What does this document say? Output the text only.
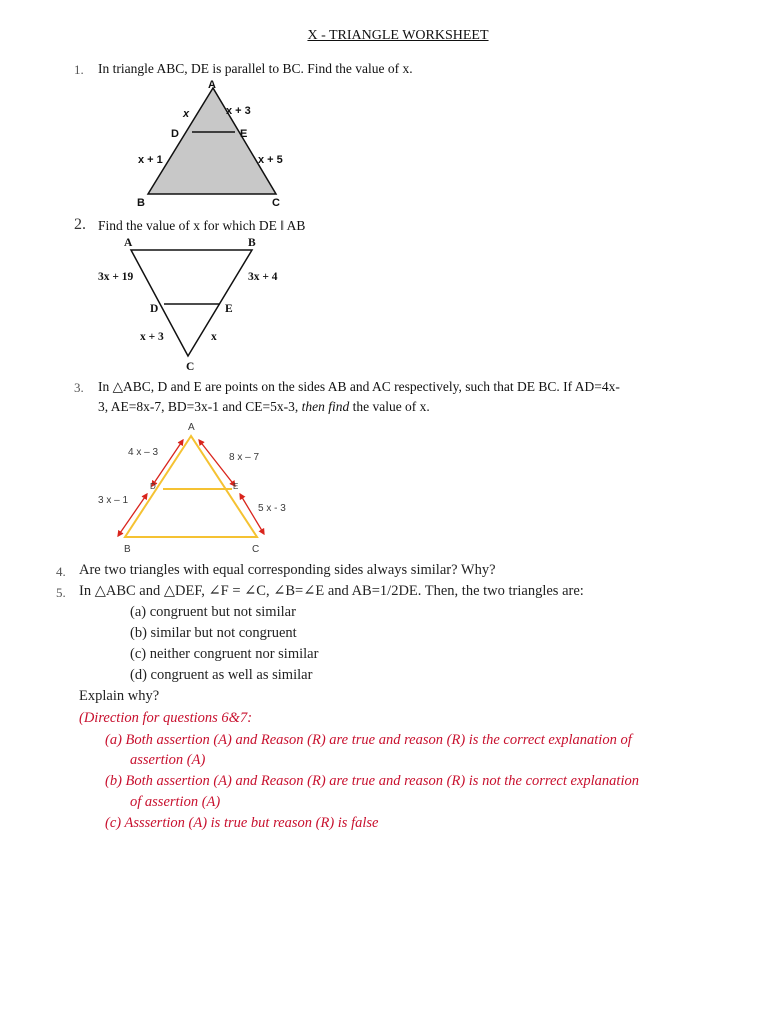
X - TRIANGLE WORKSHEET
1. In triangle ABC, DE is parallel to BC. Find the value of x.
A
B	C
D	E
x	x + 3
x + 1	x + 5
2. Find the value of x for which DE ǁ AB
A	B
C
D	E
3x + 19	3x + 4
x + 3	x
3. In △ABC, D and E are points on the sides AB and AC respectively, such that DE BC. If AD=4x-
3, AE=8x-7, BD=3x-1 and CE=5x-3, then find the value of x.
A
B	C
D	E
4 x – 3	8 x – 7
3 x – 1
5 x - 3
4. Are two triangles with equal corresponding sides always similar? Why?
5. In △ABC and △DEF, ∠F = ∠C, ∠B=∠E and AB=1/2DE. Then, the two triangles are:
(a) congruent but not similar
(b) similar but not congruent
(c) neither congruent nor similar
(d) congruent as well as similar
Explain why?
(Direction for questions 6&7:
(a) Both assertion (A) and Reason (R) are true and reason (R) is the correct explanation of
assertion (A)
(b) Both assertion (A) and Reason (R) are true and reason (R) is not the correct explanation
of assertion (A)
(c) Asssertion (A) is true but reason (R) is false
